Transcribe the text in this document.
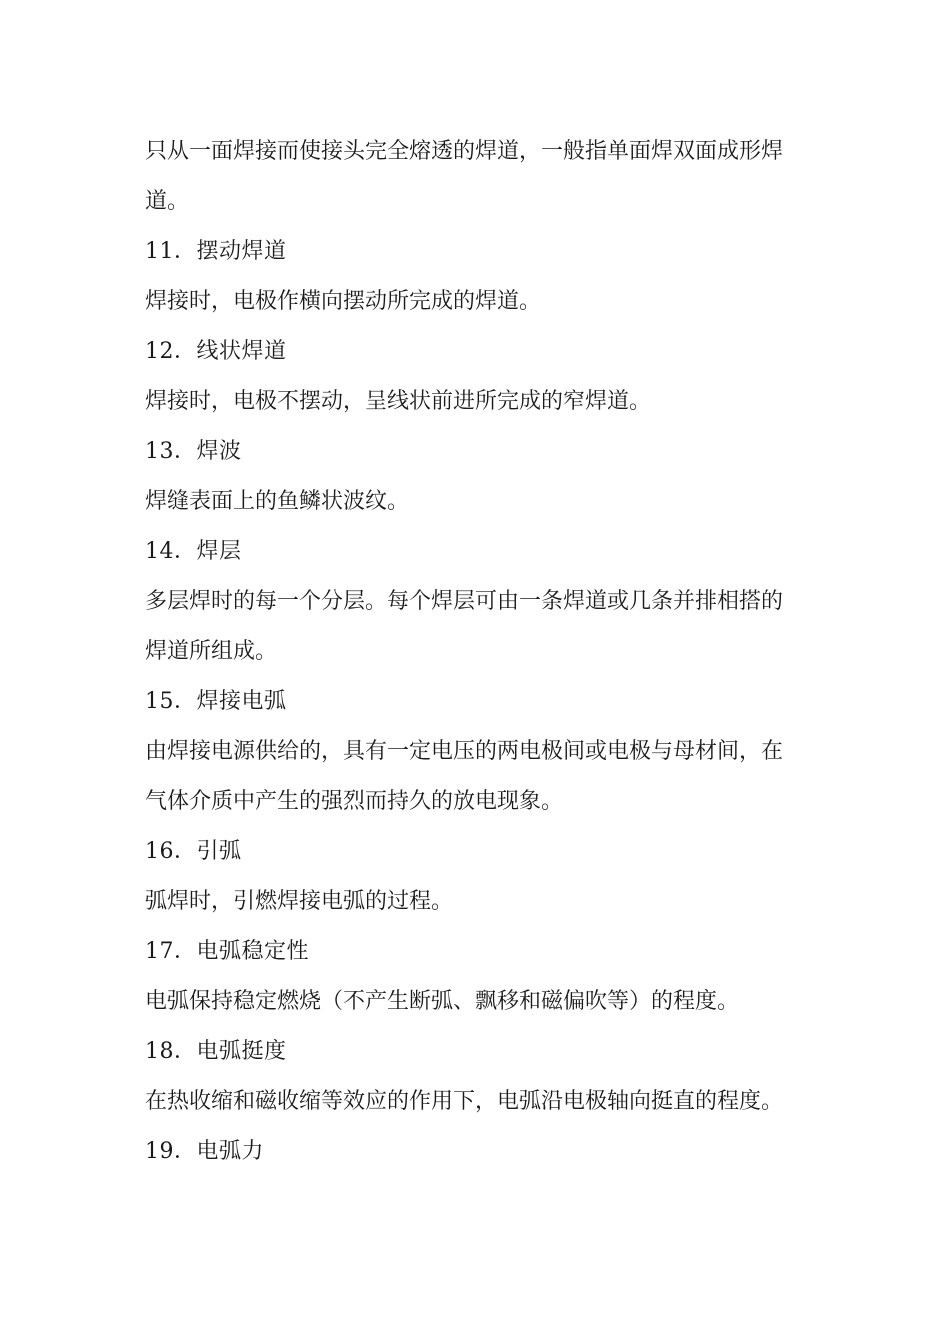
只从一面焊接而使接头完全熔透的焊道，一般指单面焊双面成形焊
道。
11．摆动焊道
焊接时，电极作横向摆动所完成的焊道。
12．线状焊道
焊接时，电极不摆动，呈线状前进所完成的窄焊道。
13．焊波
焊缝表面上的鱼鳞状波纹。
14．焊层
多层焊时的每一个分层。每个焊层可由一条焊道或几条并排相搭的
焊道所组成。
15．焊接电弧
由焊接电源供给的，具有一定电压的两电极间或电极与母材间，在
气体介质中产生的强烈而持久的放电现象。
16．引弧
弧焊时，引燃焊接电弧的过程。
17．电弧稳定性
电弧保持稳定燃烧（不产生断弧、飘移和磁偏吹等）的程度。
18．电弧挺度
在热收缩和磁收缩等效应的作用下，电弧沿电极轴向挺直的程度。
19．电弧力
